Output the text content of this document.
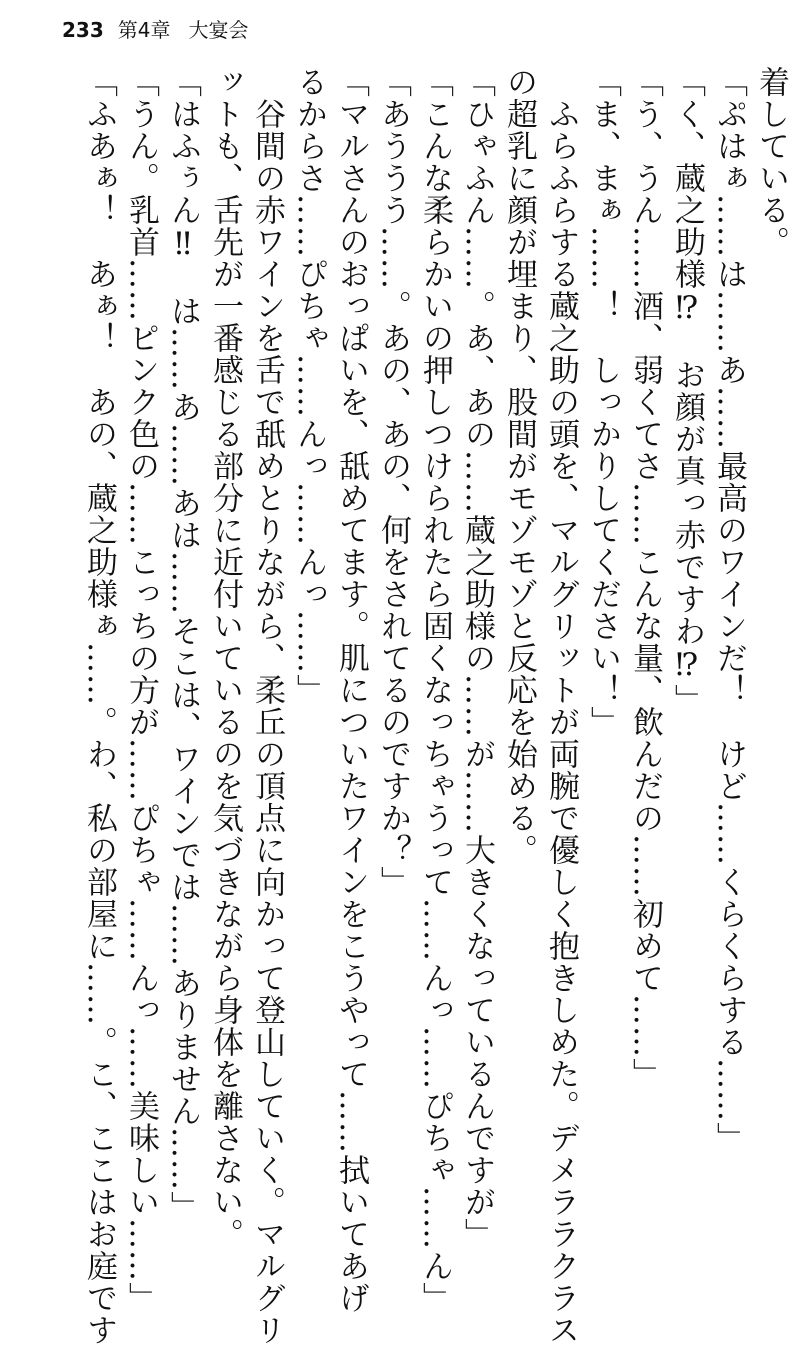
233 第4章 大宴会
着している。
「ぷはぁ……は……あ……最高のワインだ！　けど……くらくらする……」
「く、蔵之助様⁉　お顔が真っ赤ですわ⁉」
「う、うん……酒、弱くてさ……こんな量、飲んだの……初めて……」
「ま、まぁ……！　しっかりしてください！」
　ふらふらする蔵之助の頭を、マルグリットが両腕で優しく抱きしめた。デメララクラス
の超乳に顔が埋まり、股間がモゾモゾと反応を始める。
「ひゃふん……。あ、あの……蔵之助様の……が……大きくなっているんですが」
「こんな柔らかいの押しつけられたら固くなっちゃうって……んっ……ぴちゃ……ん」
「あううう……。あの、あの、何をされてるのですか？」
「マルさんのおっぱいを、舐めてます。肌についたワインをこうやって……拭いてあげ
るからさ……ぴちゃ……んっ……んっ……」
　谷間の赤ワインを舌で舐めとりながら、柔丘の頂点に向かって登山していく。マルグリ
ットも、舌先が一番感じる部分に近付いているのを気づきながら身体を離さない。
「はふぅん‼　は……あ……あは……そこは、ワインでは……ありません……」
「うん。乳首……ピンク色の……こっちの方が……ぴちゃ……んっ……美味しい……」
「ふあぁ！　あぁ！　あの、蔵之助様ぁ……。わ、私の部屋に……。こ、ここはお庭です
